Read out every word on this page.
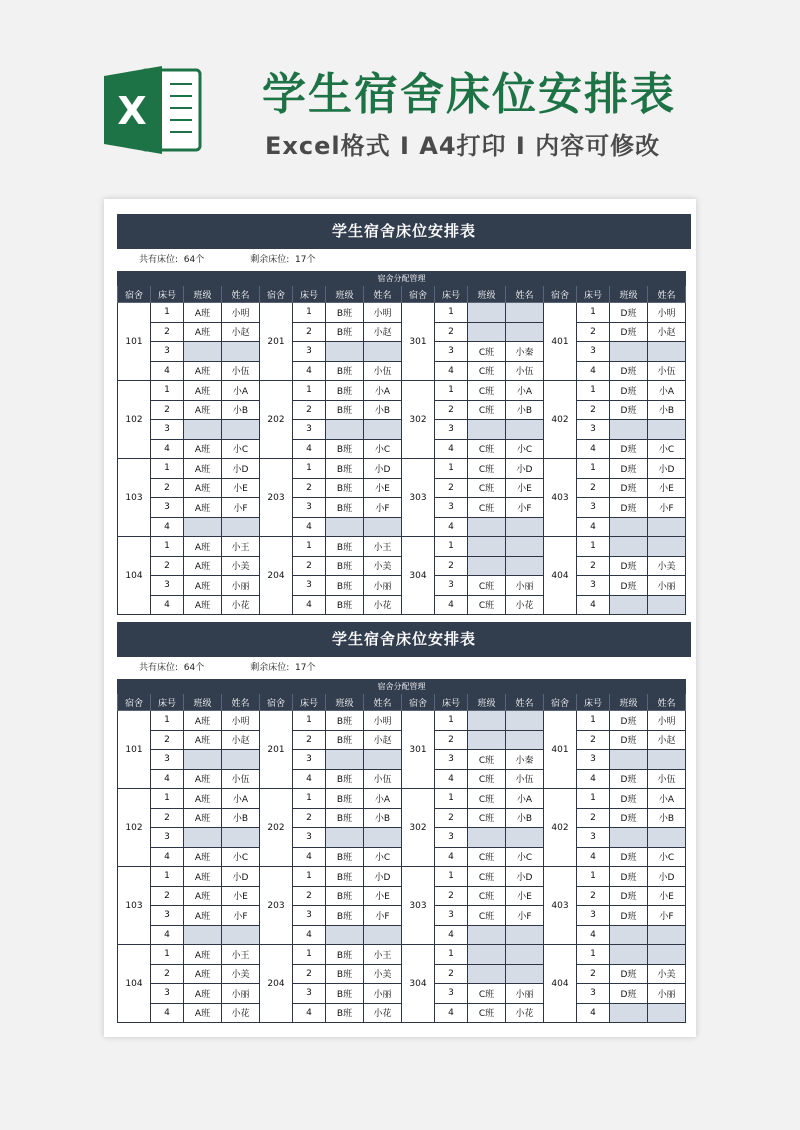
X	学生宿舍床位安排表
Excel格式 I A4打印 I 内容可修改
学生宿舍床位安排表
共有床位: 64个	剩余床位: 17个
宿舍分配管理															
宿舍	床号	班级	姓名	宿舍	床号	班级	姓名	宿舍	床号	班级	姓名	宿舍	床号	班级	姓名
101	1	A班	小明	201	1	B班	小明	301	1			401	1	D班	小明
	2	A班	小赵		2	B班	小赵		2				2	D班	小赵
	3				3				3	C班	小秦		3		
	4	A班	小伍		4	B班	小伍		4	C班	小伍		4	D班	小伍
102	1	A班	小A	202	1	B班	小A	302	1	C班	小A	402	1	D班	小A
	2	A班	小B		2	B班	小B		2	C班	小B		2	D班	小B
	3				3				3				3		
	4	A班	小C		4	B班	小C		4	C班	小C		4	D班	小C
103	1	A班	小D	203	1	B班	小D	303	1	C班	小D	403	1	D班	小D
	2	A班	小E		2	B班	小E		2	C班	小E		2	D班	小E
	3	A班	小F		3	B班	小F		3	C班	小F		3	D班	小F
	4				4				4				4		
104	1	A班	小王	204	1	B班	小王	304	1			404	1		
	2	A班	小美		2	B班	小美		2				2	D班	小美
	3	A班	小丽		3	B班	小丽		3	C班	小丽		3	D班	小丽
	4	A班	小花		4	B班	小花		4	C班	小花		4		
学生宿舍床位安排表
共有床位: 64个	剩余床位: 17个
宿舍分配管理															
宿舍	床号	班级	姓名	宿舍	床号	班级	姓名	宿舍	床号	班级	姓名	宿舍	床号	班级	姓名
101	1	A班	小明	201	1	B班	小明	301	1			401	1	D班	小明
	2	A班	小赵		2	B班	小赵		2				2	D班	小赵
	3				3				3	C班	小秦		3		
	4	A班	小伍		4	B班	小伍		4	C班	小伍		4	D班	小伍
102	1	A班	小A	202	1	B班	小A	302	1	C班	小A	402	1	D班	小A
	2	A班	小B		2	B班	小B		2	C班	小B		2	D班	小B
	3				3				3				3		
	4	A班	小C		4	B班	小C		4	C班	小C		4	D班	小C
103	1	A班	小D	203	1	B班	小D	303	1	C班	小D	403	1	D班	小D
	2	A班	小E		2	B班	小E		2	C班	小E		2	D班	小E
	3	A班	小F		3	B班	小F		3	C班	小F		3	D班	小F
	4				4				4				4		
104	1	A班	小王	204	1	B班	小王	304	1			404	1		
	2	A班	小美		2	B班	小美		2				2	D班	小美
	3	A班	小丽		3	B班	小丽		3	C班	小丽		3	D班	小丽
	4	A班	小花		4	B班	小花		4	C班	小花		4		
